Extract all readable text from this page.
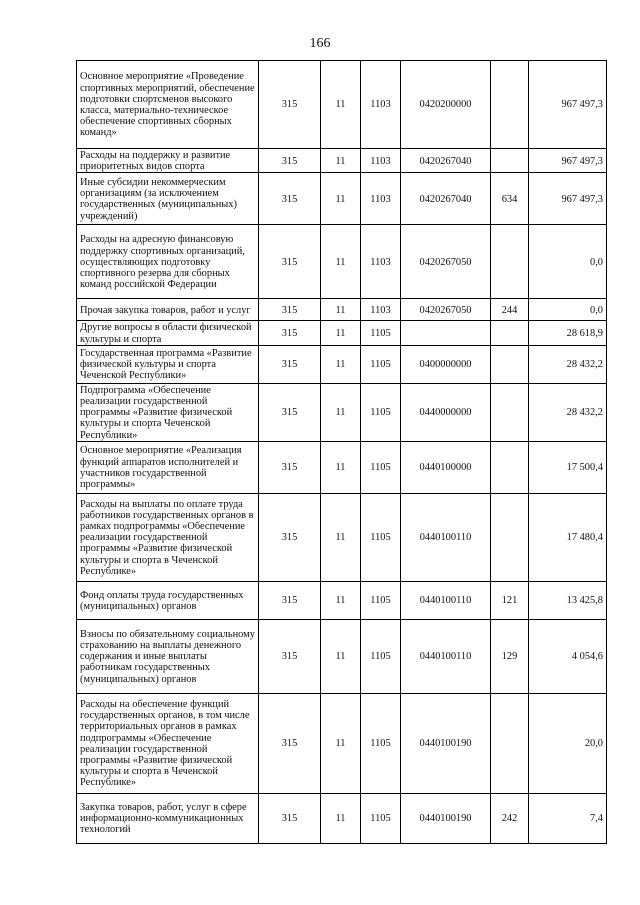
166
Основное мероприятие «Проведение спортивных мероприятий, обеспечение подготовки спортсменов высокого класса, материально-техническое обеспечение спортивных сборных команд»	315	11	1103	0420200000		967 497,3
Расходы на поддержку и развитие приоритетных видов спорта	315	11	1103	0420267040		967 497,3
Иные субсидии некоммерческим организациям (за исключением государственных (муниципальных) учреждений)	315	11	1103	0420267040	634	967 497,3
Расходы на адресную финансовую поддержку спортивных организаций, осуществляющих подготовку спортивного резерва для сборных команд российской Федерации	315	11	1103	0420267050		0,0
Прочая закупка товаров, работ и услуг	315	11	1103	0420267050	244	0,0
Другие вопросы в области физической культуры и спорта	315	11	1105			28 618,9
Государственная программа «Развитие физической культуры и спорта Чеченской Республики»	315	11	1105	0400000000		28 432,2
Подпрограмма «Обеспечение реализации государственной программы «Развитие физической культуры и спорта Чеченской Республики»	315	11	1105	0440000000		28 432,2
Основное мероприятие «Реализация функций аппаратов исполнителей и участников государственной программы»	315	11	1105	0440100000		17 500,4
Расходы на выплаты по оплате труда работников государственных органов в рамках подпрограммы «Обеспечение реализации государственной программы «Развитие физической культуры и спорта в Чеченской Республике»	315	11	1105	0440100110		17 480,4
Фонд оплаты труда государственных (муниципальных) органов	315	11	1105	0440100110	121	13 425,8
Взносы по обязательному социальному страхованию на выплаты денежного содержания и иные выплаты работникам государственных (муниципальных) органов	315	11	1105	0440100110	129	4 054,6
Расходы на обеспечение функций государственных органов, в том числе территориальных органов в рамках подпрограммы «Обеспечение реализации государственной программы «Развитие физической культуры и спорта в Чеченской Республике»	315	11	1105	0440100190		20,0
Закупка товаров, работ, услуг в сфере информационно-коммуникационных технологий	315	11	1105	0440100190	242	7,4
